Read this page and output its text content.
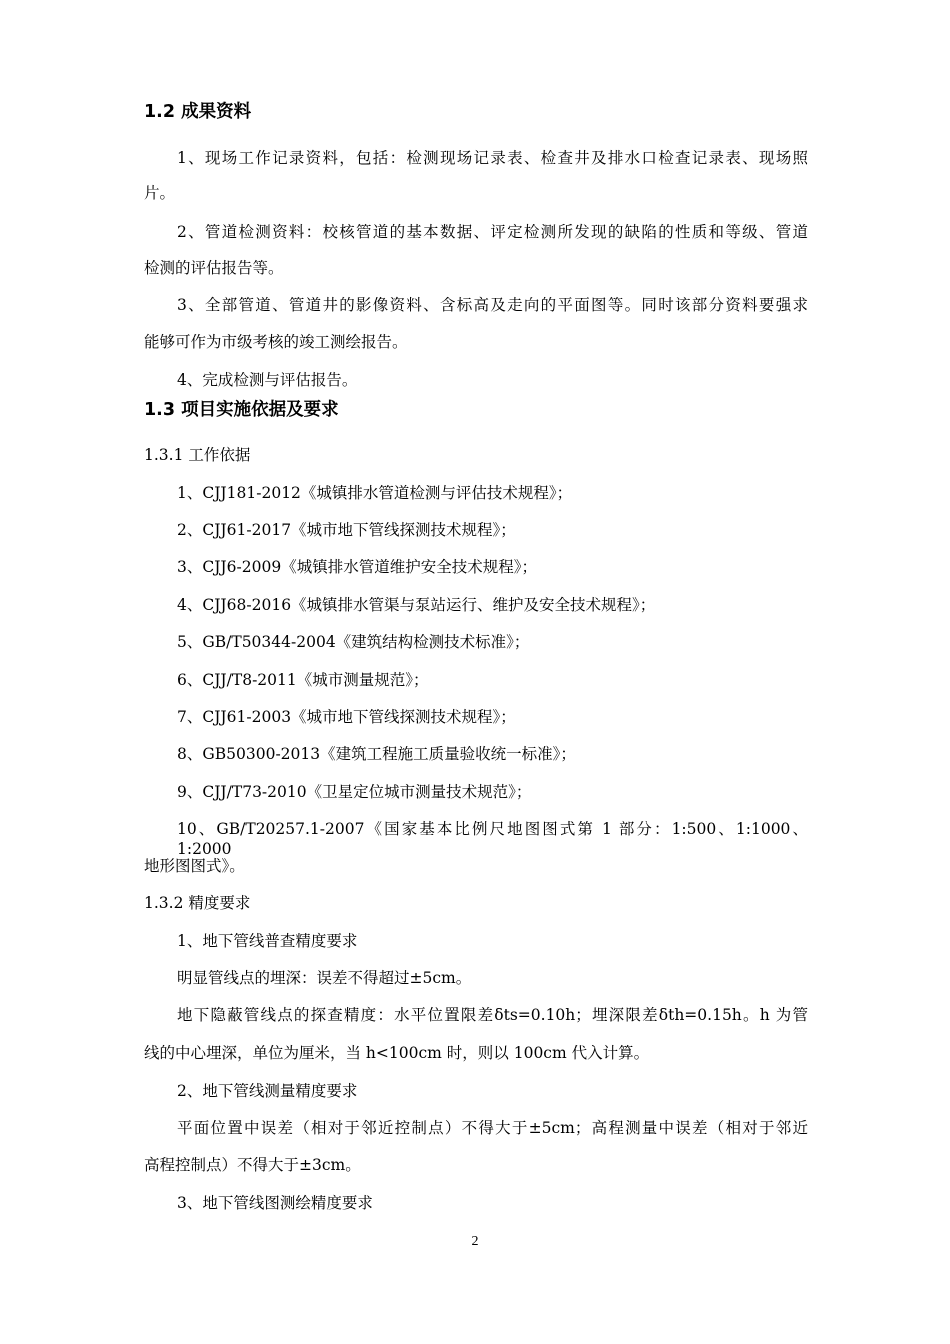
1.2 成果资料
1、现场工作记录资料，包括：检测现场记录表、检查井及排水口检查记录表、现场照
片。
2、管道检测资料：校核管道的基本数据、评定检测所发现的缺陷的性质和等级、管道
检测的评估报告等。
3、全部管道、管道井的影像资料、含标高及走向的平面图等。同时该部分资料要强求
能够可作为市级考核的竣工测绘报告。
4、完成检测与评估报告。
1.3 项目实施依据及要求
1.3.1 工作依据
1、CJJ181-2012《城镇排水管道检测与评估技术规程》；
2、CJJ61-2017《城市地下管线探测技术规程》；
3、CJJ6-2009《城镇排水管道维护安全技术规程》；
4、CJJ68-2016《城镇排水管渠与泵站运行、维护及安全技术规程》；
5、GB/T50344-2004《建筑结构检测技术标准》；
6、CJJ/T8-2011《城市测量规范》；
7、CJJ61-2003《城市地下管线探测技术规程》；
8、GB50300-2013《建筑工程施工质量验收统一标准》；
9、CJJ/T73-2010《卫星定位城市测量技术规范》；
10、GB/T20257.1-2007《国家基本比例尺地图图式第 1 部分：1:500、1:1000、1:2000
地形图图式》。
1.3.2 精度要求
1、地下管线普查精度要求
明显管线点的埋深：误差不得超过±5cm。
地下隐蔽管线点的探查精度：水平位置限差δts=0.10h；埋深限差δth=0.15h。h 为管
线的中心埋深，单位为厘米，当 h<100cm 时，则以 100cm 代入计算。
2、地下管线测量精度要求
平面位置中误差（相对于邻近控制点）不得大于±5cm；高程测量中误差（相对于邻近
高程控制点）不得大于±3cm。
3、地下管线图测绘精度要求
2
